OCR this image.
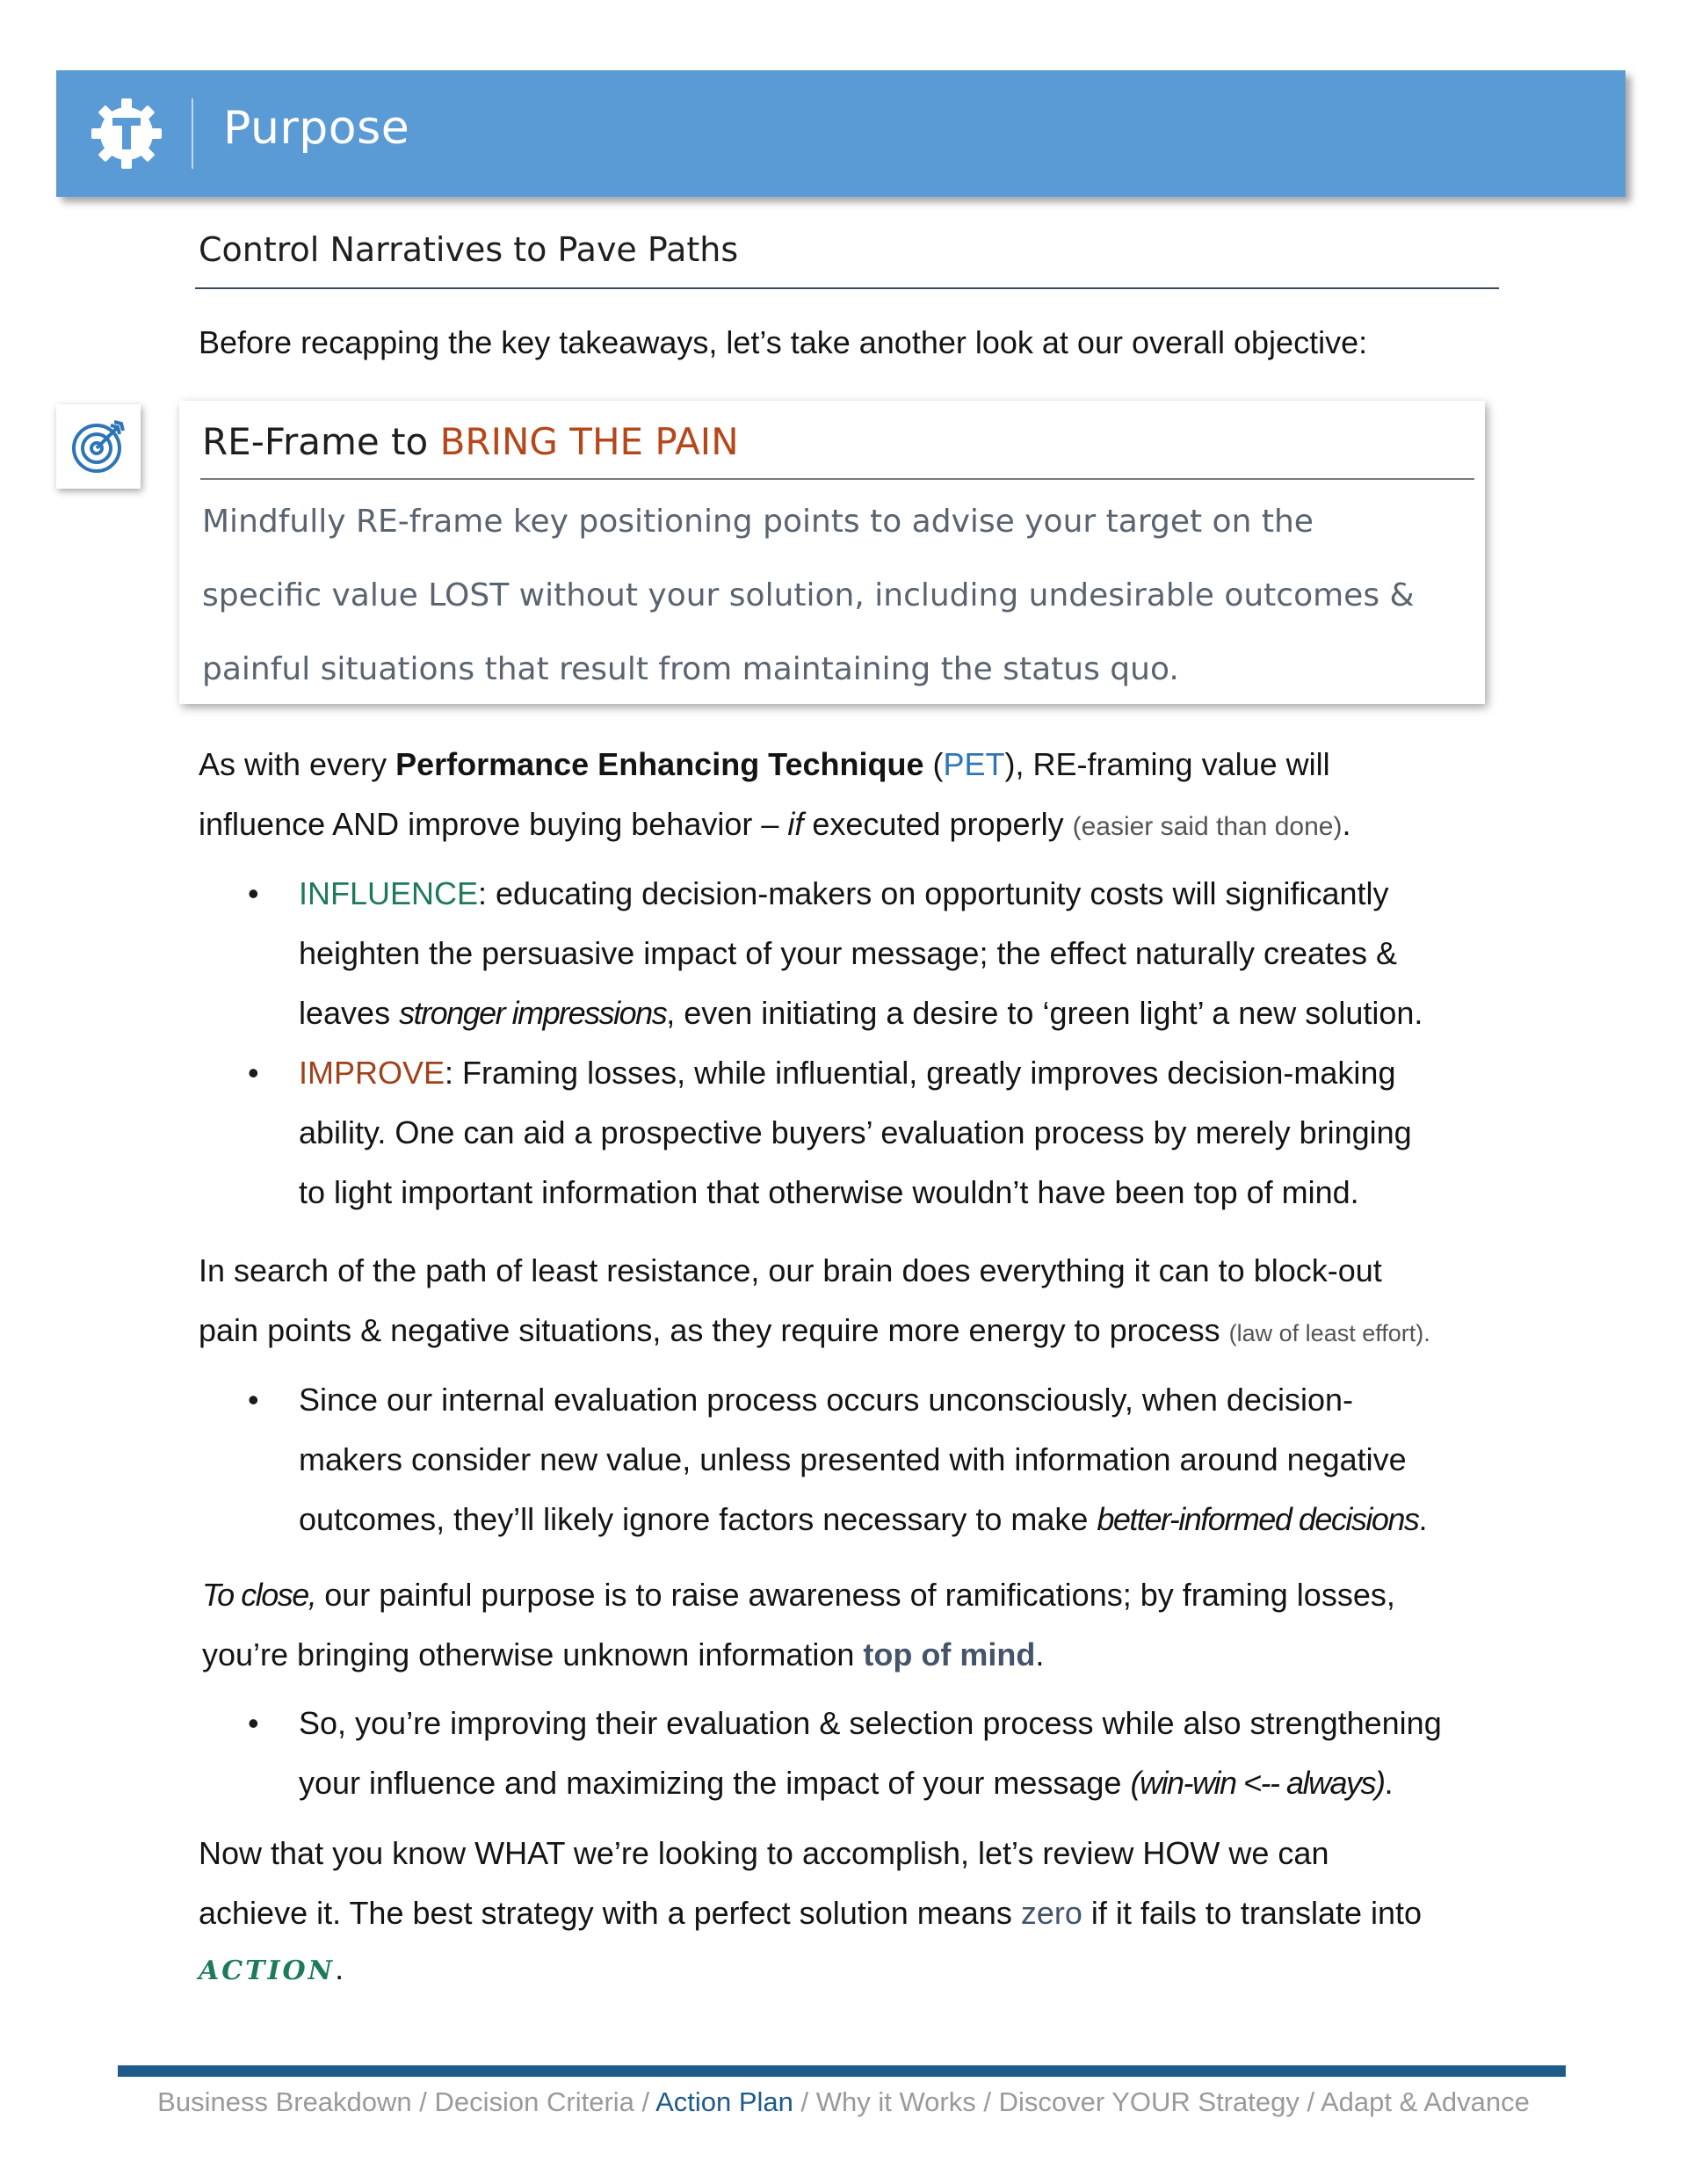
Purpose
Control Narratives to Pave Paths
Before recapping the key takeaways, let’s take another look at our overall objective:
RE-Frame to BRING THE PAIN
Mindfully RE-frame key positioning points to advise your target on the
specific value LOST without your solution, including undesirable outcomes &
painful situations that result from maintaining the status quo.
As with every Performance Enhancing Technique (PET), RE-framing value will
influence AND improve buying behavior – if executed properly (easier said than done).
• INFLUENCE: educating decision-makers on opportunity costs will significantly
heighten the persuasive impact of your message; the effect naturally creates &
leaves stronger impressions, even initiating a desire to ‘green light’ a new solution.
• IMPROVE: Framing losses, while influential, greatly improves decision-making
ability. One can aid a prospective buyers’ evaluation process by merely bringing
to light important information that otherwise wouldn’t have been top of mind.
In search of the path of least resistance, our brain does everything it can to block-out
pain points & negative situations, as they require more energy to process (law of least effort).
• Since our internal evaluation process occurs unconsciously, when decision-
makers consider new value, unless presented with information around negative
outcomes, they’ll likely ignore factors necessary to make better-informed decisions.
To close, our painful purpose is to raise awareness of ramifications; by framing losses,
you’re bringing otherwise unknown information top of mind.
• So, you’re improving their evaluation & selection process while also strengthening
your influence and maximizing the impact of your message (win-win <-- always).
Now that you know WHAT we’re looking to accomplish, let’s review HOW we can
achieve it. The best strategy with a perfect solution means zero if it fails to translate into
ACTION.
Business Breakdown / Decision Criteria / Action Plan / Why it Works / Discover YOUR Strategy / Adapt & Advance
